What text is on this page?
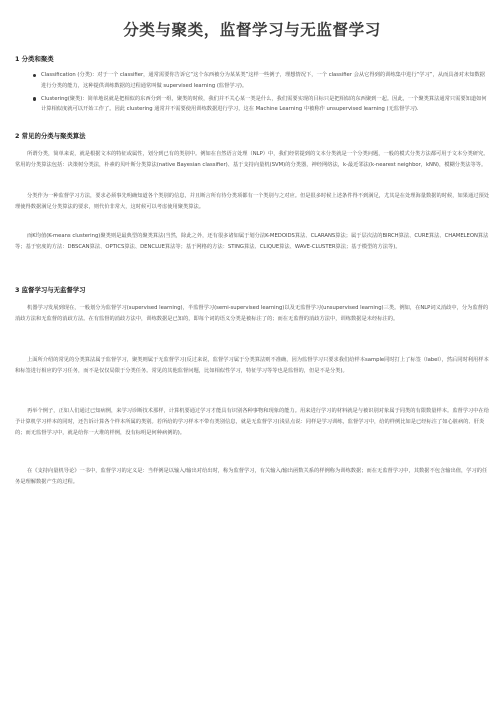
分类与聚类，监督学习与无监督学习
1 分类和聚类
Classification (分类)：对于一个 classifier，通常需要你告诉它“这个东西被分为某某类”这样一些例子，理想情况下，一个 classifier 会从它得到的训练集中进行“学习”，从而具备对未知数据进行分类的能力，这种提供训练数据的过程通常叫做 supervised learning (监督学习)。
Clustering(聚类)：简单地说就是把相似的东西分到一组，聚类的时候，我们并不关心某一类是什么，我们需要实现的目标只是把相似的东西聚到一起。因此，一个聚类算法通常只需要知道如何计算相似度就可以开始工作了。因此 clustering 通常并不需要使用训练数据进行学习，这在 Machine Learning 中被称作 unsupervised learning (无监督学习).
2 常见的分类与聚类算法

所谓分类，简单来说，就是根据文本的特征或属性，划分到已有的类别中。例如在自然语言处理（NLP）中，我们经常提到的文本分类就是一个分类问题，一般的模式分类方法都可用于文本分类研究。常用的分类算法包括：决策树分类法，朴素的贝叶斯分类算法(native Bayesian classifier)、基于支持向量机(SVM)的分类器，神经网络法，k-最近邻法(k-nearest neighbor，kNN)，模糊分类法等等。

分类作为一种监督学习方法，要求必须事先明确知道各个类别的信息，并且断言所有待分类项都有一个类别与之对应。但是很多时候上述条件得不到满足，尤其是在处理海量数据的时候，如果通过预处理使得数据满足分类算法的要求，则代价非常大，这时候可以考虑使用聚类算法。

而K均值(K-means clustering)聚类则是最典型的聚类算法(当然，除此之外，还有很多诸如属于划分法K-MEDOIDS算法、CLARANS算法；属于层次法的BIRCH算法、CURE算法、CHAMELEON算法等；基于密度的方法：DBSCAN算法、OPTICS算法、DENCLUE算法等；基于网格的方法：STING算法、CLIQUE算法、WAVE-CLUSTER算法；基于模型的方法等)。

3 监督学习与无监督学习

机器学习发展到现在，一般划分为监督学习(supervised learning)，半监督学习(semi-supervised learning)以及无监督学习(unsupervised learning)三类。例如，在NLP词义消歧中，分为监督的消歧方法和无监督的消歧方法。在有监督的消歧方法中，训练数据是已知的，即每个词的语义分类是被标注了的；而在无监督的消歧方法中，训练数据是未经标注的。

上面所介绍的常见的分类算法属于监督学习，聚类则属于无监督学习(反过来说，监督学习属于分类算法则不准确，因为监督学习只要求我们给样本sample同时打上了标签（label），然后同时利用样本和标签进行相应的学习任务，而不是仅仅局限于分类任务。常见的其他监督问题，比如相似性学习，特征学习等等也是监督的，但是不是分类)。

再举个例子，正如人们通过已知病例，来学习诊断技术那样，计算机要通过学习才能具有识别各种事物和现象的能力。用来进行学习的材料就是与被识别对象属于同类的有限数量样本。监督学习中在给予计算机学习样本的同时，还告诉计算各个样本所属的类别。若所给的学习样本不带有类别信息，就是无监督学习(浅显点说：同样是学习训练，监督学习中，给的样例比如是已经标注了如心脏病的、肝炎的；而无监督学习中，就是给你一大堆的样例，没有标明是何种病例的)。

在《支持向量机导论》一书中，监督学习的定义是：当样例是以输入/输出对给出时，称为监督学习，有关输入/输出函数关系的样例称为训练数据；而在无监督学习中，其数据不包含输出值，学习的任务是理解数据产生的过程。
